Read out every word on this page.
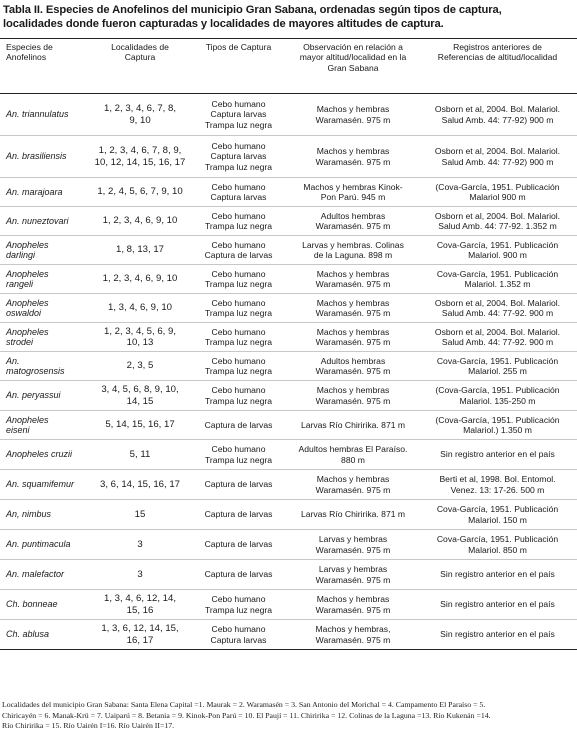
Tabla II. Especies de Anofelinos del municipio Gran Sabana, ordenadas según tipos de captura,
localidades donde fueron capturadas y localidades de mayores altitudes de captura.
Especies de
Anofelinos	Localidades de
Captura	Tipos de Captura	Observación en relación a
mayor altitud/localidad en la
Gran Sabana	Registros anteriores de
Referencias de altitud/localidad

An. triannulatus	1, 2, 3, 4, 6, 7, 8,
9, 10	Cebo humano
Captura larvas
Trampa luz negra	Machos y hembras
Waramasén. 975 m	Osborn et al, 2004. Bol. Malariol.
Salud Amb. 44: 77-92) 900 m

An. brasiliensis	1, 2, 3, 4, 6, 7, 8, 9,
10, 12, 14, 15, 16, 17	Cebo humano
Captura larvas
Trampa luz negra	Machos y hembras
Waramasén. 975 m	Osborn et al, 2004. Bol. Malariol.
Salud Amb. 44: 77-92) 900 m

An. marajoara	1, 2, 4, 5, 6, 7, 9, 10	Cebo humano
Captura larvas	Machos y hembras Kinok-
Pon Parú. 945 m	(Cova-García, 1951. Publicación
Malariol 900 m

An. nuneztovari	1, 2, 3, 4, 6, 9, 10	Cebo humano
Trampa luz negra	Adultos hembras
Waramasén. 975 m	Osborn et al, 2004. Bol. Malariol.
Salud Amb. 44: 77-92. 1.352 m

Anopheles
darlingi	1, 8, 13, 17	Cebo humano
Captura de larvas	Larvas y hembras. Colinas
de la Laguna. 898 m	Cova-García, 1951. Publicación
Malariol. 900 m

Anopheles
rangeli	1, 2, 3, 4, 6, 9, 10	Cebo humano
Trampa luz negra	Machos y hembras
Waramasén. 975 m	Cova-García, 1951. Publicación
Malariol. 1.352 m

Anopheles
oswaldoi	1, 3, 4, 6, 9, 10	Cebo humano
Trampa luz negra	Machos y hembras
Waramasén. 975 m	Osborn et al, 2004. Bol. Malariol.
Salud Amb. 44: 77-92. 900 m

Anopheles
strodei	1, 2, 3, 4, 5, 6, 9,
10, 13	Cebo humano
Trampa luz negra	Machos y hembras
Waramasén. 975 m	Osborn et al, 2004. Bol. Malariol.
Salud Amb. 44: 77-92. 900 m

An.
matogrosensis	2, 3, 5	Cebo humano
Trampa luz negra	Adultos hembras
Waramasén. 975 m	Cova-García, 1951. Publicación
Malariol. 255 m

An. peryassui	3, 4, 5, 6, 8, 9, 10,
14, 15	Cebo humano
Trampa luz negra	Machos y hembras
Waramasén. 975 m	(Cova-García, 1951. Publicación
Malariol. 135-250 m

Anopheles
eiseni	5, 14, 15, 16, 17	Captura de larvas	Larvas Río Chiririka. 871 m	(Cova-García, 1951. Publicación
Malariol.) 1.350 m

Anopheles cruzii	5, 11	Cebo humano
Trampa luz negra	Adultos hembras El Paraíso.
880 m	Sin registro anterior en el país

An. squamifemur	3, 6, 14, 15, 16, 17	Captura de larvas	Machos y hembras
Waramasén. 975 m	Berti et al, 1998. Bol. Entomol.
Venez. 13: 17-26. 500 m

An, nimbus	15	Captura de larvas	Larvas Río Chiririka. 871 m	Cova-García, 1951. Publicación
Malariol. 150 m

An. puntimacula	3	Captura de larvas	Larvas y hembras
Waramasén. 975 m	Cova-García, 1951. Publicación
Malariol. 850 m

An. malefactor	3	Captura de larvas	Larvas y hembras
Waramasén. 975 m	Sin registro anterior en el país

Ch. bonneae	1, 3, 4, 6, 12, 14,
15, 16	Cebo humano
Trampa luz negra	Machos y hembras
Waramasén. 975 m	Sin registro anterior en el país

Ch. ablusa	1, 3, 6, 12, 14, 15,
16, 17	Cebo humano
Captura larvas	Machos y hembras,
Waramasén. 975 m	Sin registro anterior en el país
Localidades del municipio Gran Sabana: Santa Elena Capital =1. Maurak = 2. Waramasén = 3. San Antonio del Morichal = 4. Campamento El Paraíso = 5.
Chiricayén = 6. Manak-Krü = 7. Uaiparú = 8. Betania = 9. Kinok-Pon Parú = 10. El Paují = 11. Chiririka = 12. Colinas de la Laguna =13. Río Kukenán =14.
Río Chiririka = 15. Río Uairén I=16. Río Uairén II=17.
